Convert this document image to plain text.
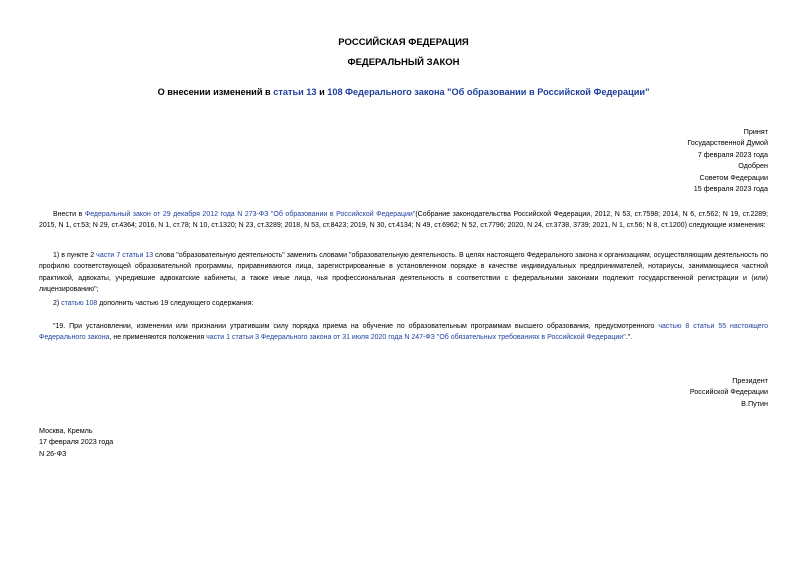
РОССИЙСКАЯ ФЕДЕРАЦИЯ
ФЕДЕРАЛЬНЫЙ ЗАКОН
О внесении изменений в статьи 13 и 108 Федерального закона "Об образовании в Российской Федерации"
Принят
Государственной Думой
7 февраля 2023 года
Одобрен
Советом Федерации
15 февраля 2023 года
Внести в Федеральный закон от 29 декабря 2012 года N 273-ФЗ "Об образовании в Российской Федерации"(Собрание законодательства Российской Федерации, 2012, N 53, ст.7598; 2014, N 6, ст.562; N 19, ст.2289; 2015, N 1, ст.53; N 29, ст.4364; 2016, N 1, ст.78; N 10, ст.1320; N 23, ст.3289; 2018, N 53, ст.8423; 2019, N 30, ст.4134; N 49, ст.6962; N 52, ст.7796; 2020, N 24, ст.3738, 3739; 2021, N 1, ст.56; N 8, ст.1200) следующие изменения:
1) в пункте 2 части 7 статьи 13 слова "образовательную деятельность" заменить словами "образовательную деятельность. В целях настоящего Федерального закона к организациям, осуществляющим деятельность по профилю соответствующей образовательной программы, приравниваются лица, зарегистрированные в установленном порядке в качестве индивидуальных предпринимателей, нотариусы, занимающиеся частной практикой, адвокаты, учредившие адвокатские кабинеты, а также иные лица, чья профессиональная деятельность в соответствии с федеральными законами подлежит государственной регистрации и (или) лицензированию";
2) статью 108 дополнить частью 19 следующего содержания:
"19. При установлении, изменении или признании утратившим силу порядка приема на обучение по образовательным программам высшего образования, предусмотренного частью 8 статьи 55 настоящего Федерального закона, не применяются положения части 1 статьи 3 Федерального закона от 31 июля 2020 года N 247-ФЗ "Об обязательных требованиях в Российской Федерации".".
Президент
Российской Федерации
В.Путин
Москва, Кремль
17 февраля 2023 года
N 26-ФЗ
